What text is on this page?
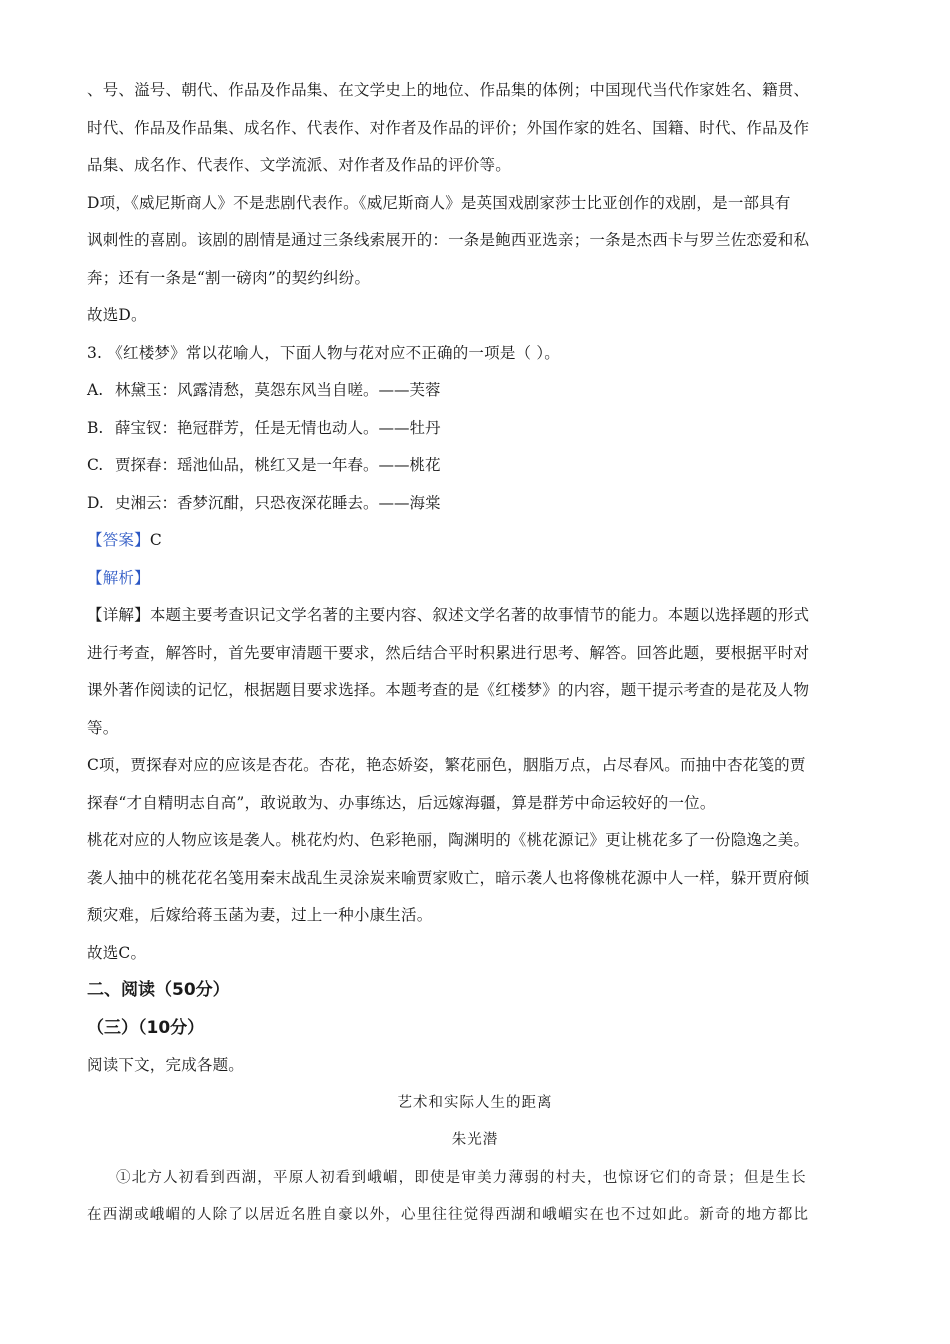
、号、溢号、朝代、作品及作品集、在文学史上的地位、作品集的体例；中国现代当代作家姓名、籍贯、

时代、作品及作品集、成名作、代表作、对作者及作品的评价；外国作家的姓名、国籍、时代、作品及作

品集、成名作、代表作、文学流派、对作者及作品的评价等。

D项，《威尼斯商人》不是悲剧代表作。《威尼斯商人》是英国戏剧家莎士比亚创作的戏剧，是一部具有

讽刺性的喜剧。该剧的剧情是通过三条线索展开的：一条是鲍西亚选亲；一条是杰西卡与罗兰佐恋爱和私

奔；还有一条是“割一磅肉”的契约纠纷。

故选D。

3. 《红楼梦》常以花喻人，下面人物与花对应不正确的一项是（ ）。

A. 林黛玉：风露清愁，莫怨东风当自嗟。——芙蓉

B. 薛宝钗：艳冠群芳，任是无情也动人。——牡丹

C. 贾探春：瑶池仙品，桃红又是一年春。——桃花

D. 史湘云：香梦沉酣，只恐夜深花睡去。——海棠

【答案】C

【解析】

【详解】本题主要考查识记文学名著的主要内容、叙述文学名著的故事情节的能力。本题以选择题的形式

进行考查，解答时，首先要审清题干要求，然后结合平时积累进行思考、解答。回答此题，要根据平时对

课外著作阅读的记忆，根据题目要求选择。本题考查的是《红楼梦》的内容，题干提示考查的是花及人物

等。

C项，贾探春对应的应该是杏花。杏花，艳态娇姿，繁花丽色，胭脂万点，占尽春风。而抽中杏花笺的贾

探春“才自精明志自高”，敢说敢为、办事练达，后远嫁海疆，算是群芳中命运较好的一位。

桃花对应的人物应该是袭人。桃花灼灼、色彩艳丽，陶渊明的《桃花源记》更让桃花多了一份隐逸之美。

袭人抽中的桃花花名笺用秦末战乱生灵涂炭来喻贾家败亡，暗示袭人也将像桃花源中人一样，躲开贾府倾

颓灾难，后嫁给蒋玉菡为妻，过上一种小康生活。

故选C。

二、阅读（50分）

（三）（10分）

阅读下文，完成各题。

艺术和实际人生的距离

朱光潜

①北方人初看到西湖，平原人初看到峨嵋，即使是审美力薄弱的村夫，也惊讶它们的奇景；但是生长

在西湖或峨嵋的人除了以居近名胜自豪以外，心里往往觉得西湖和峨嵋实在也不过如此。新奇的地方都比
